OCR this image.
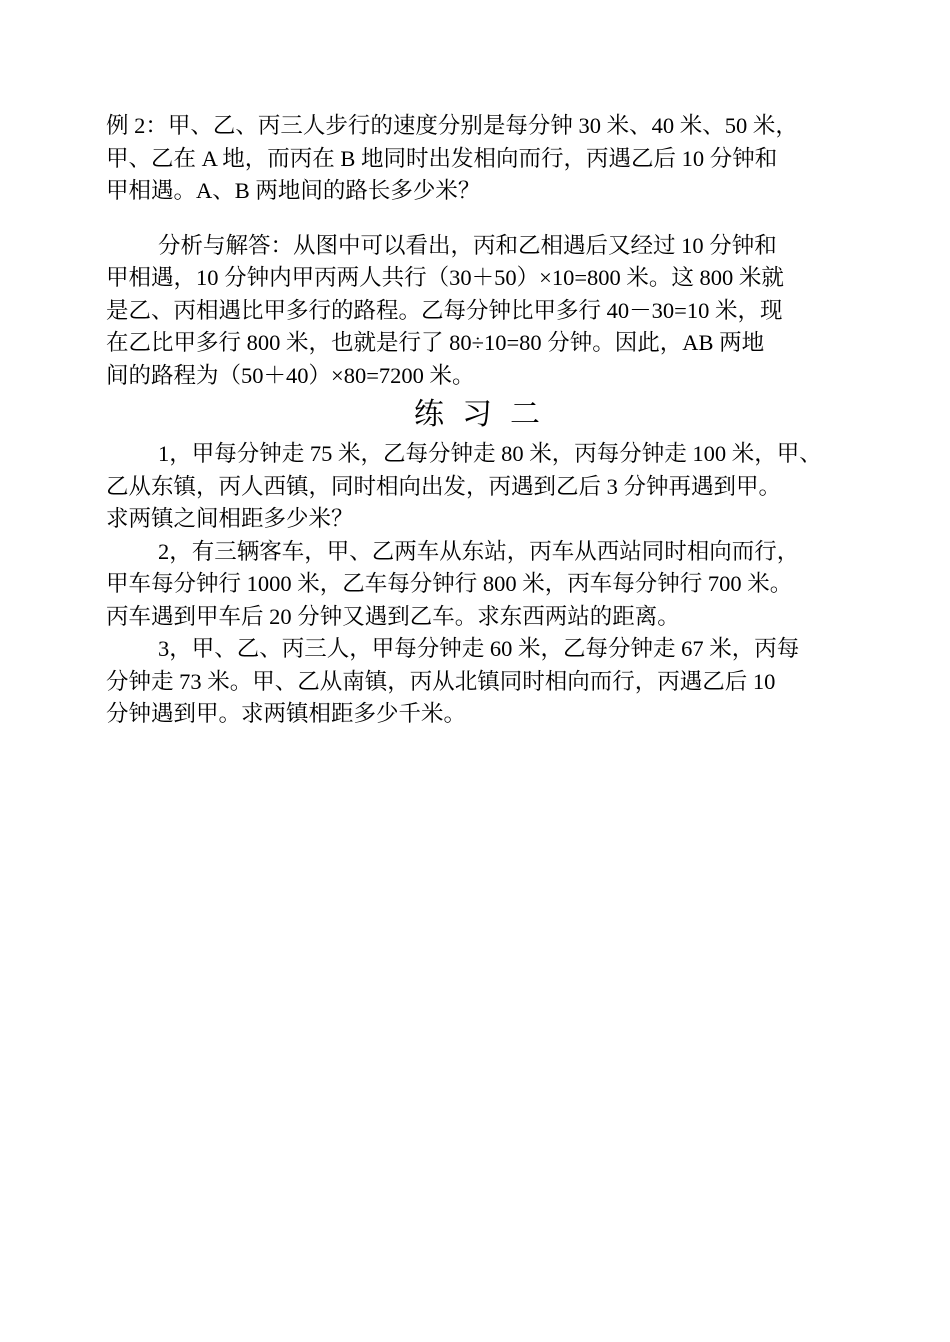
例 2：甲、乙、丙三人步行的速度分别是每分钟 30 米、40 米、50 米，
甲、乙在 A 地，而丙在 B 地同时出发相向而行，丙遇乙后 10 分钟和
甲相遇。A、B 两地间的路长多少米？
分析与解答：从图中可以看出，丙和乙相遇后又经过 10 分钟和
甲相遇，10 分钟内甲丙两人共行（30＋50）×10=800 米。这 800 米就
是乙、丙相遇比甲多行的路程。乙每分钟比甲多行 40－30=10 米，现
在乙比甲多行 800 米，也就是行了 80÷10=80 分钟。因此，AB 两地
间的路程为（50＋40）×80=7200 米。
练习二
1，甲每分钟走 75 米，乙每分钟走 80 米，丙每分钟走 100 米，甲、
乙从东镇，丙人西镇，同时相向出发，丙遇到乙后 3 分钟再遇到甲。
求两镇之间相距多少米？
2，有三辆客车，甲、乙两车从东站，丙车从西站同时相向而行，
甲车每分钟行 1000 米，乙车每分钟行 800 米，丙车每分钟行 700 米。
丙车遇到甲车后 20 分钟又遇到乙车。求东西两站的距离。
3，甲、乙、丙三人，甲每分钟走 60 米，乙每分钟走 67 米，丙每
分钟走 73 米。甲、乙从南镇，丙从北镇同时相向而行，丙遇乙后 10
分钟遇到甲。求两镇相距多少千米。
